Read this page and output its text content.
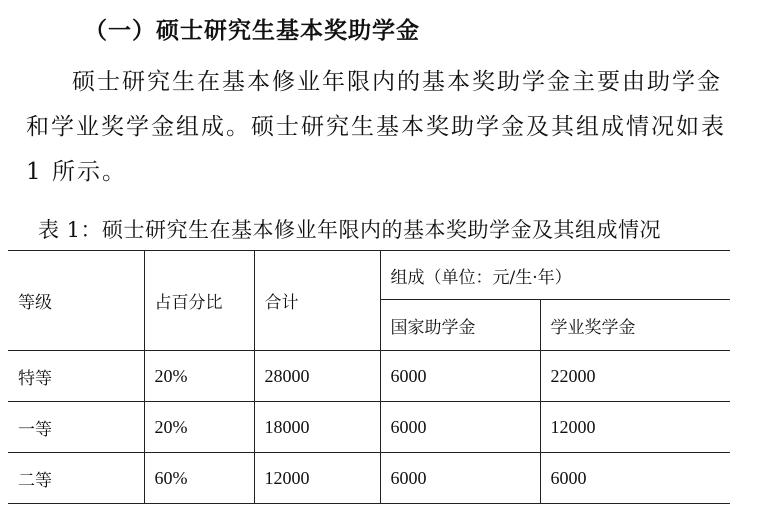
（一）硕士研究生基本奖助学金

硕士研究生在基本修业年限内的基本奖助学金主要由助学金和学业奖学金组成。硕士研究生基本奖助学金及其组成情况如表 1 所示。

表 1：硕士研究生在基本修业年限内的基本奖助学金及其组成情况
等级	占百分比	合计	组成（单位：元/生·年）	
			国家助学金	学业奖学金
特等	20%	28000	6000	22000
一等	20%	18000	6000	12000
二等	60%	12000	6000	6000
